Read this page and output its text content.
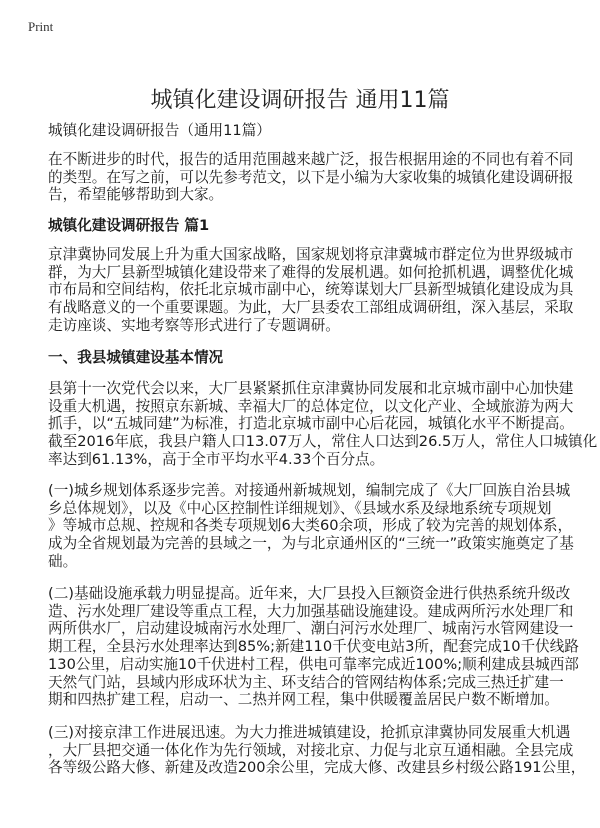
Print
城镇化建设调研报告 通用11篇
城镇化建设调研报告（通用11篇）
在不断进步的时代，报告的适用范围越来越广泛，报告根据用途的不同也有着不同
的类型。在写之前，可以先参考范文，以下是小编为大家收集的城镇化建设调研报
告，希望能够帮助到大家。
城镇化建设调研报告 篇1
京津冀协同发展上升为重大国家战略，国家规划将京津冀城市群定位为世界级城市
群，为大厂县新型城镇化建设带来了难得的发展机遇。如何抢抓机遇，调整优化城
市布局和空间结构，依托北京城市副中心，统筹谋划大厂县新型城镇化建设成为具
有战略意义的一个重要课题。为此，大厂县委农工部组成调研组，深入基层，采取
走访座谈、实地考察等形式进行了专题调研。
一、我县城镇建设基本情况
县第十一次党代会以来，大厂县紧紧抓住京津冀协同发展和北京城市副中心加快建
设重大机遇，按照京东新城、幸福大厂的总体定位，以文化产业、全域旅游为两大
抓手，以“五城同建”为标准，打造北京城市副中心后花园，城镇化水平不断提高。
截至2016年底，我县户籍人口13.07万人，常住人口达到26.5万人，常住人口城镇化
率达到61.13%，高于全市平均水平4.33个百分点。
(一)城乡规划体系逐步完善。对接通州新城规划，编制完成了《大厂回族自治县城
乡总体规划》，以及《中心区控制性详细规划》、《县域水系及绿地系统专项规划
》等城市总规、控规和各类专项规划6大类60余项，形成了较为完善的规划体系，
成为全省规划最为完善的县域之一，为与北京通州区的“三统一”政策实施奠定了基
础。
(二)基础设施承载力明显提高。近年来，大厂县投入巨额资金进行供热系统升级改
造、污水处理厂建设等重点工程，大力加强基础设施建设。建成两所污水处理厂和
两所供水厂，启动建设城南污水处理厂、潮白河污水处理厂、城南污水管网建设一
期工程，全县污水处理率达到85%;新建110千伏变电站3所，配套完成10千伏线路
130公里，启动实施10千伏进村工程，供电可靠率完成近100%;顺利建成县城西部
天然气门站，县域内形成环状为主、环支结合的管网结构体系;完成三热迁扩建一
期和四热扩建工程，启动一、二热并网工程，集中供暖覆盖居民户数不断增加。
(三)对接京津工作进展迅速。为大力推进城镇建设，抢抓京津冀协同发展重大机遇
，大厂县把交通一体化作为先行领域，对接北京、力促与北京互通相融。全县完成
各等级公路大修、新建及改造200余公里，完成大修、改建县乡村级公路191公里，
